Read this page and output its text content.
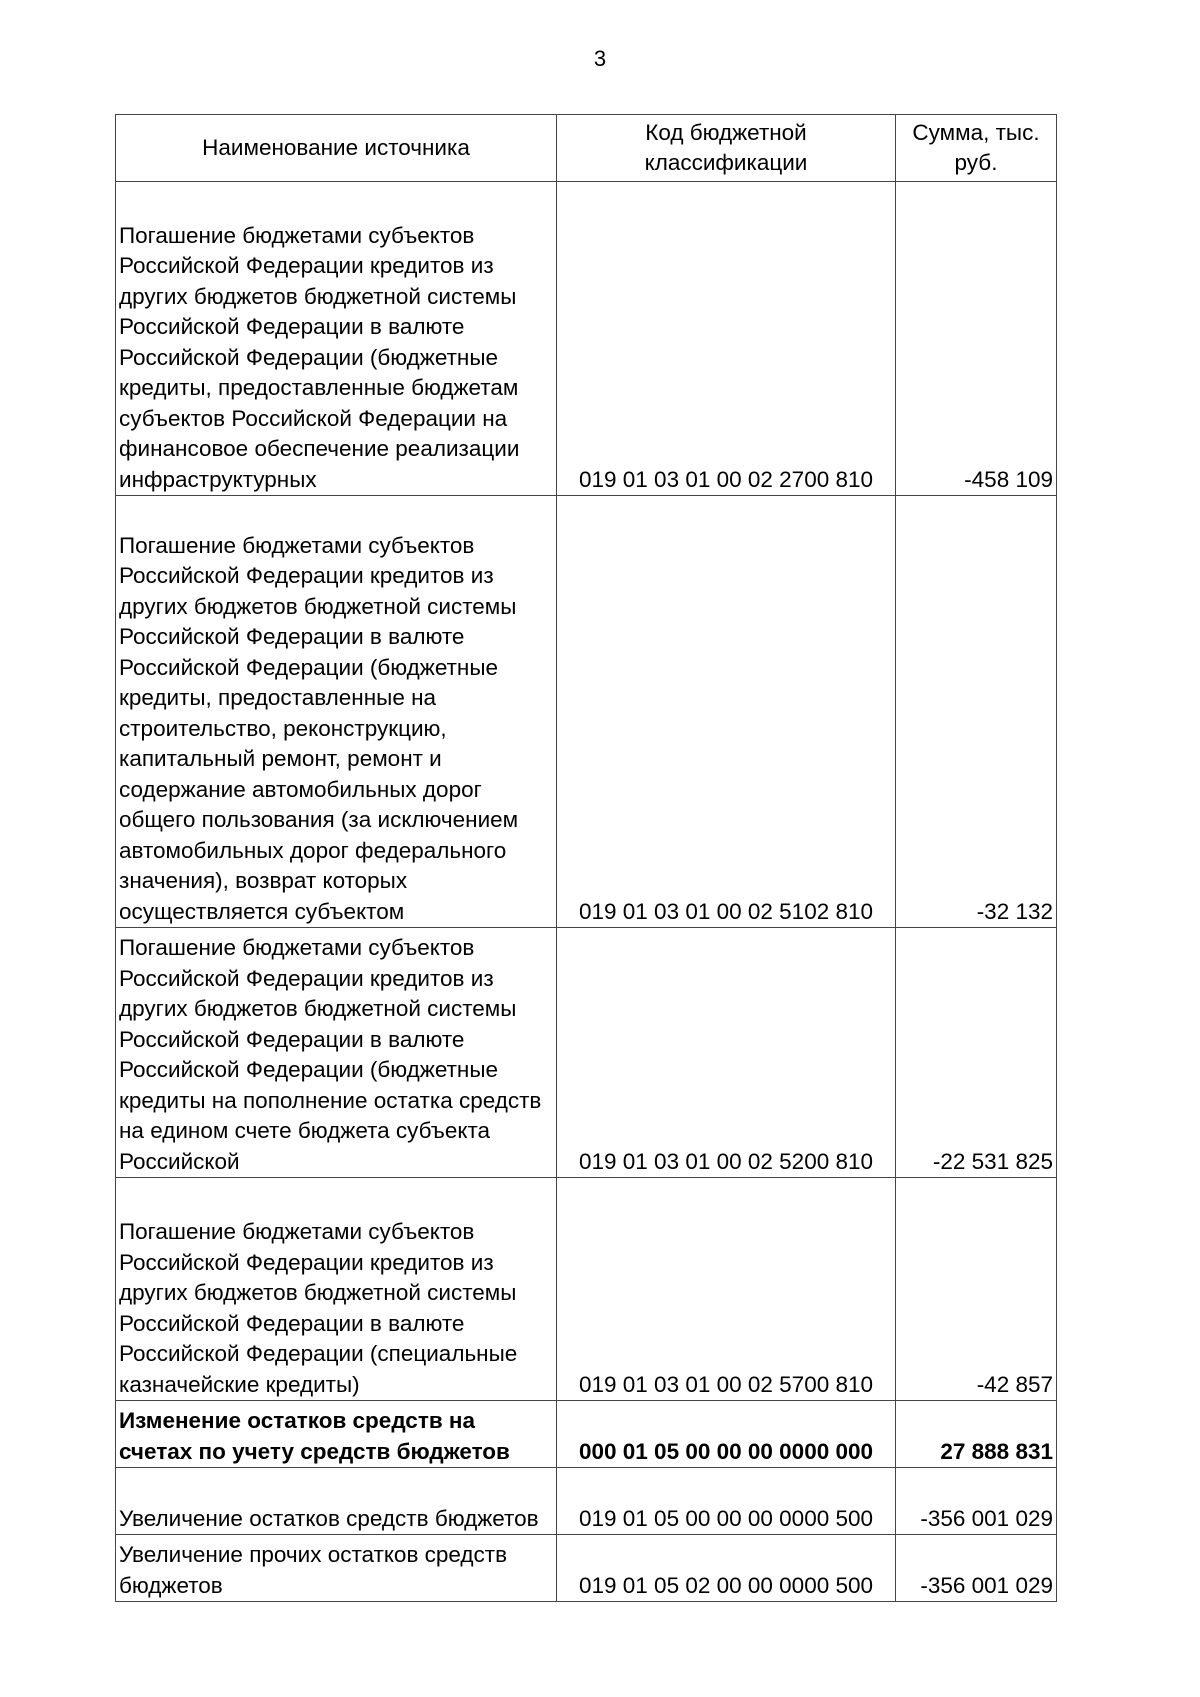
3
Наименование источника	Код бюджетной классификации	Сумма, тыс. руб.
Погашение бюджетами субъектов Российской Федерации кредитов из других бюджетов бюджетной системы Российской Федерации в валюте Российской Федерации (бюджетные кредиты, предоставленные бюджетам субъектов Российской Федерации на финансовое обеспечение реализации инфраструктурных	019 01 03 01 00 02 2700 810	-458 109
Погашение бюджетами субъектов Российской Федерации кредитов из других бюджетов бюджетной системы Российской Федерации в валюте Российской Федерации (бюджетные кредиты, предоставленные на строительство, реконструкцию, капитальный ремонт, ремонт и содержание автомобильных дорог общего пользования (за исключением автомобильных дорог федерального значения), возврат которых осуществляется субъектом	019 01 03 01 00 02 5102 810	-32 132
Погашение бюджетами субъектов Российской Федерации кредитов из других бюджетов бюджетной системы Российской Федерации в валюте Российской Федерации (бюджетные кредиты на пополнение остатка средств на едином счете бюджета субъекта Российской	019 01 03 01 00 02 5200 810	-22 531 825
Погашение бюджетами субъектов Российской Федерации кредитов из других бюджетов бюджетной системы Российской Федерации в валюте Российской Федерации (специальные казначейские кредиты)	019 01 03 01 00 02 5700 810	-42 857
Изменение остатков средств на счетах по учету средств бюджетов	000 01 05 00 00 00 0000 000	27 888 831
Увеличение остатков средств бюджетов	019 01 05 00 00 00 0000 500	-356 001 029
Увеличение прочих остатков средств бюджетов	019 01 05 02 00 00 0000 500	-356 001 029
